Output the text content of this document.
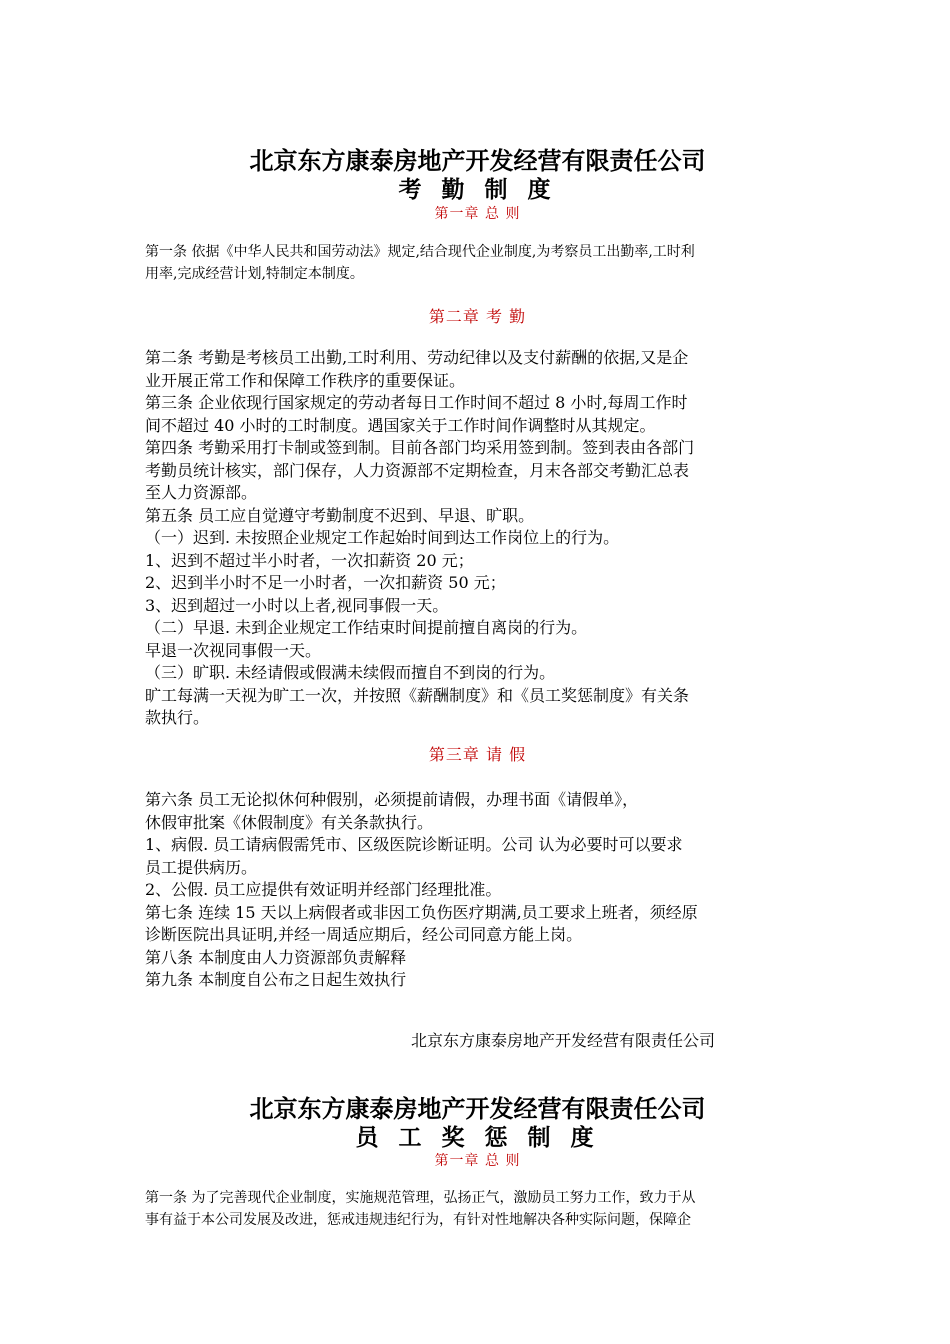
北京东方康泰房地产开发经营有限责任公司
考 勤 制 度
第一章 总 则
第一条 依据《中华人民共和国劳动法》规定,结合现代企业制度,为考察员工出勤率,工时利
用率,完成经营计划,特制定本制度。
第二章 考 勤
第二条 考勤是考核员工出勤,工时利用、劳动纪律以及支付薪酬的依据,又是企
业开展正常工作和保障工作秩序的重要保证。
第三条 企业依现行国家规定的劳动者每日工作时间不超过 8 小时,每周工作时
间不超过 40 小时的工时制度。遇国家关于工作时间作调整时从其规定。
第四条 考勤采用打卡制或签到制。目前各部门均采用签到制。签到表由各部门
考勤员统计核实，部门保存，人力资源部不定期检查，月末各部交考勤汇总表
至人力资源部。
第五条 员工应自觉遵守考勤制度不迟到、早退、旷职。
（一）迟到. 未按照企业规定工作起始时间到达工作岗位上的行为。
1、迟到不超过半小时者，一次扣薪资 20 元；
2、迟到半小时不足一小时者，一次扣薪资 50 元；
3、迟到超过一小时以上者,视同事假一天。
（二）早退. 未到企业规定工作结束时间提前擅自离岗的行为。
早退一次视同事假一天。
（三）旷职. 未经请假或假满未续假而擅自不到岗的行为。
旷工每满一天视为旷工一次，并按照《薪酬制度》和《员工奖惩制度》有关条
款执行。
第三章 请 假
第六条 员工无论拟休何种假别，必须提前请假，办理书面《请假单》，
休假审批案《休假制度》有关条款执行。
1、病假. 员工请病假需凭市、区级医院诊断证明。公司 认为必要时可以要求
员工提供病历。
2、公假. 员工应提供有效证明并经部门经理批准。
第七条 连续 15 天以上病假者或非因工负伤医疗期满,员工要求上班者，须经原
诊断医院出具证明,并经一周适应期后，经公司同意方能上岗。
第八条 本制度由人力资源部负责解释
第九条 本制度自公布之日起生效执行
北京东方康泰房地产开发经营有限责任公司
北京东方康泰房地产开发经营有限责任公司
员 工 奖 惩 制 度
第一章 总 则
第一条 为了完善现代企业制度，实施规范管理，弘扬正气，激励员工努力工作，致力于从
事有益于本公司发展及改进，惩戒违规违纪行为，有针对性地解决各种实际问题，保障企
